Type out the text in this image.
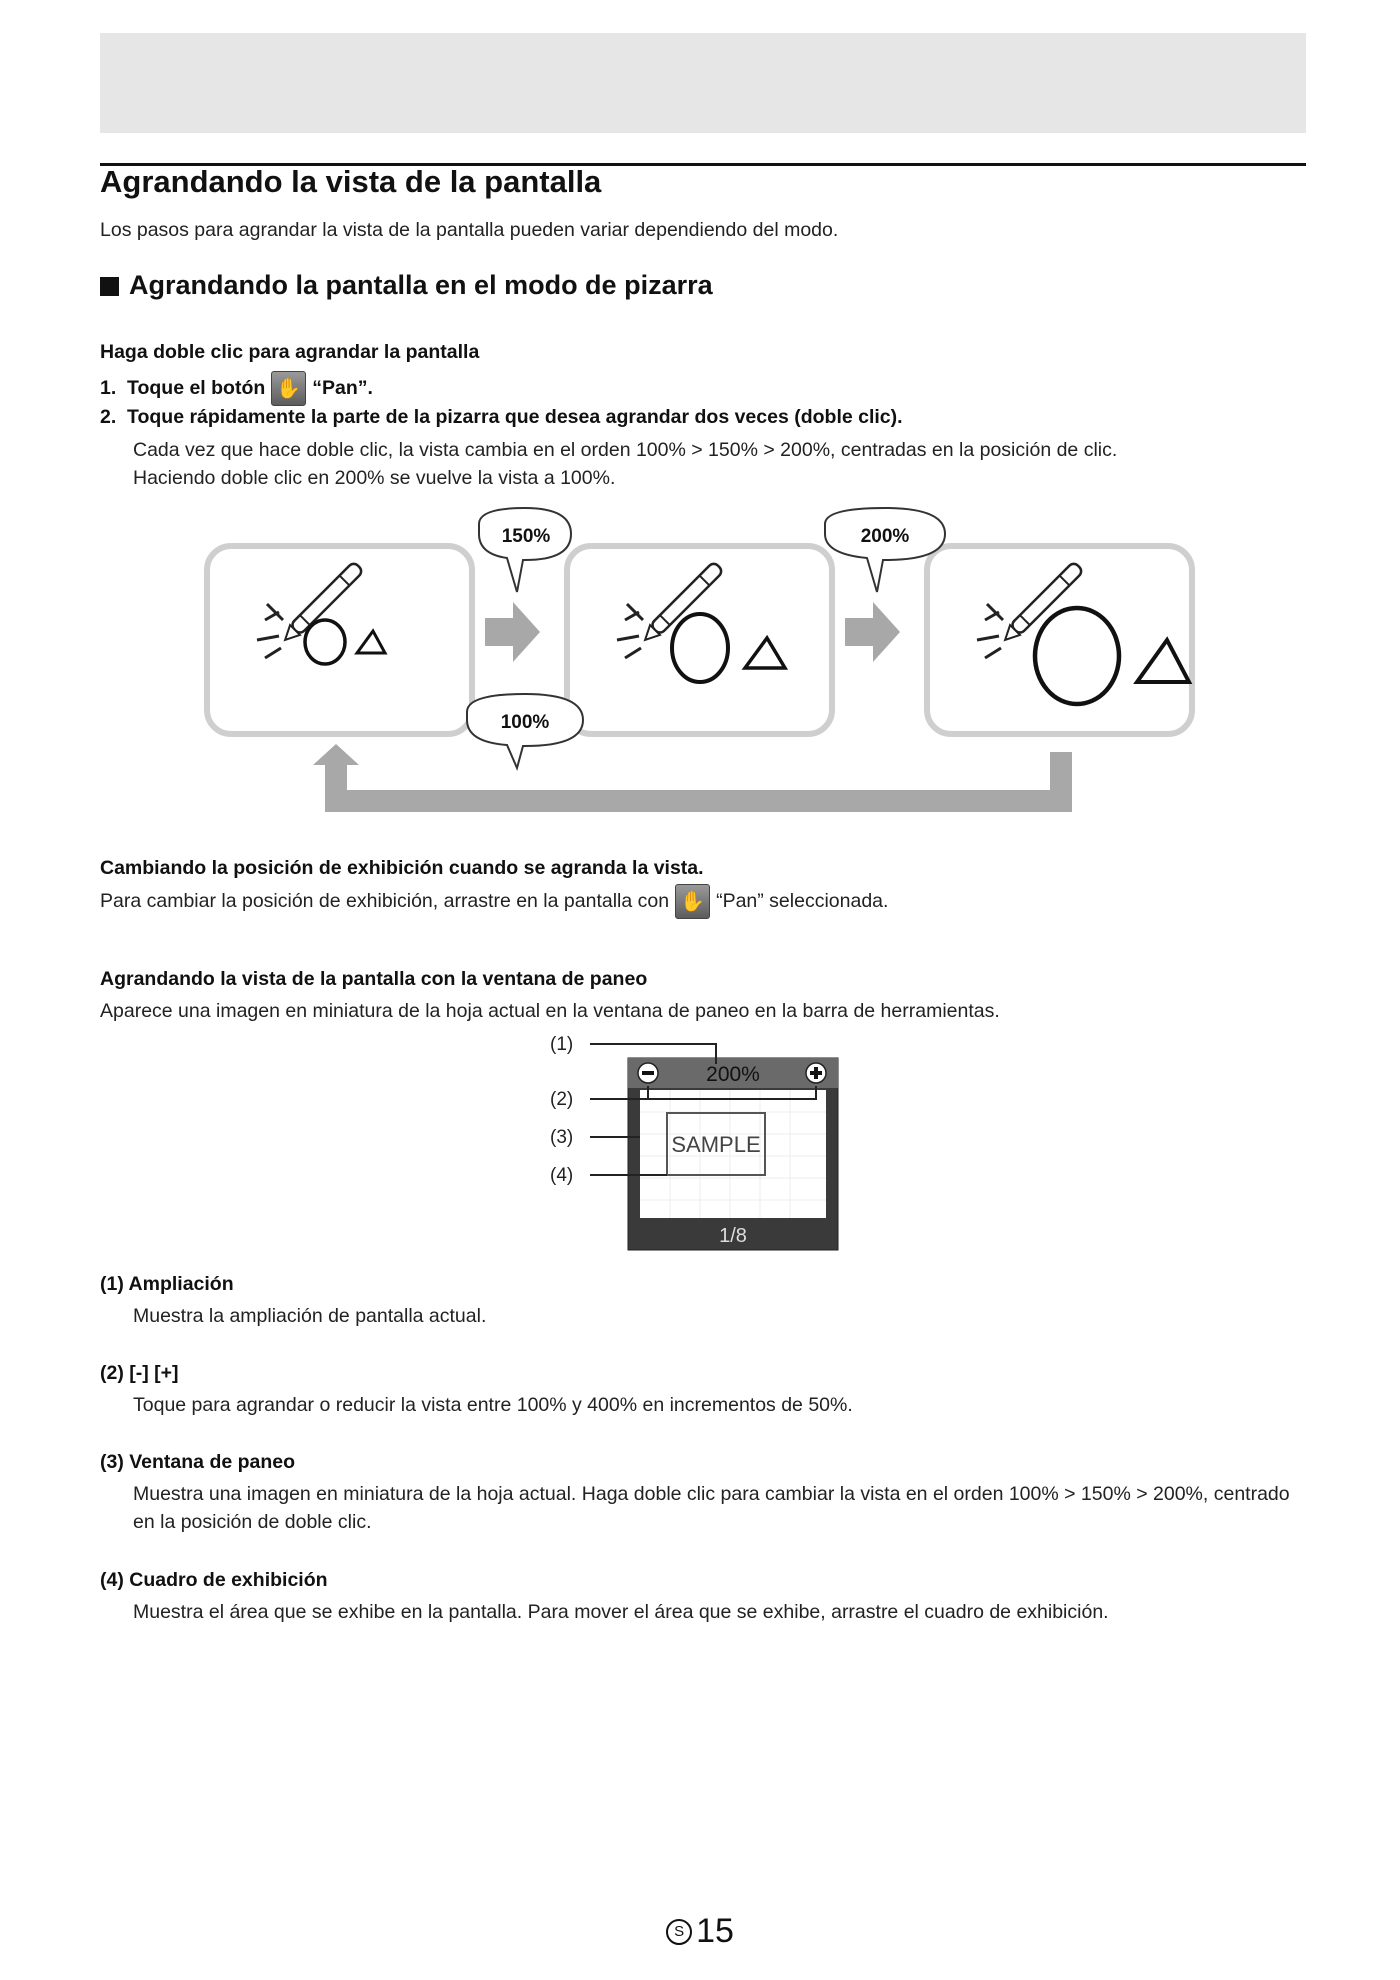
Agrandando la vista de la pantalla
Los pasos para agrandar la vista de la pantalla pueden variar dependiendo del modo.
Agrandando la pantalla en el modo de pizarra
Haga doble clic para agrandar la pantalla
1. Toque el botón ✋ “Pan”.
2. Toque rápidamente la parte de la pizarra que desea agrandar dos veces (doble clic).
Cada vez que hace doble clic, la vista cambia en el orden 100% > 150% > 200%, centradas en la posición de clic.
Haciendo doble clic en 200% se vuelve la vista a 100%.
150%	200%
100%
Cambiando la posición de exhibición cuando se agranda la vista.
Para cambiar la posición de exhibición, arrastre en la pantalla con ✋ “Pan” seleccionada.
Agrandando la vista de la pantalla con la ventana de paneo
Aparece una imagen en miniatura de la hoja actual en la ventana de paneo en la barra de herramientas.
(1)
(2)
(3)
(4)
200%
SAMPLE
1/8
(1) Ampliación
Muestra la ampliación de pantalla actual.
(2) [-] [+]
Toque para agrandar o reducir la vista entre 100% y 400% en incrementos de 50%.
(3) Ventana de paneo
Muestra una imagen en miniatura de la hoja actual. Haga doble clic para cambiar la vista en el orden 100% > 150% > 200%, centrado en la posición de doble clic.
(4) Cuadro de exhibición
Muestra el área que se exhibe en la pantalla. Para mover el área que se exhibe, arrastre el cuadro de exhibición.
S 15
